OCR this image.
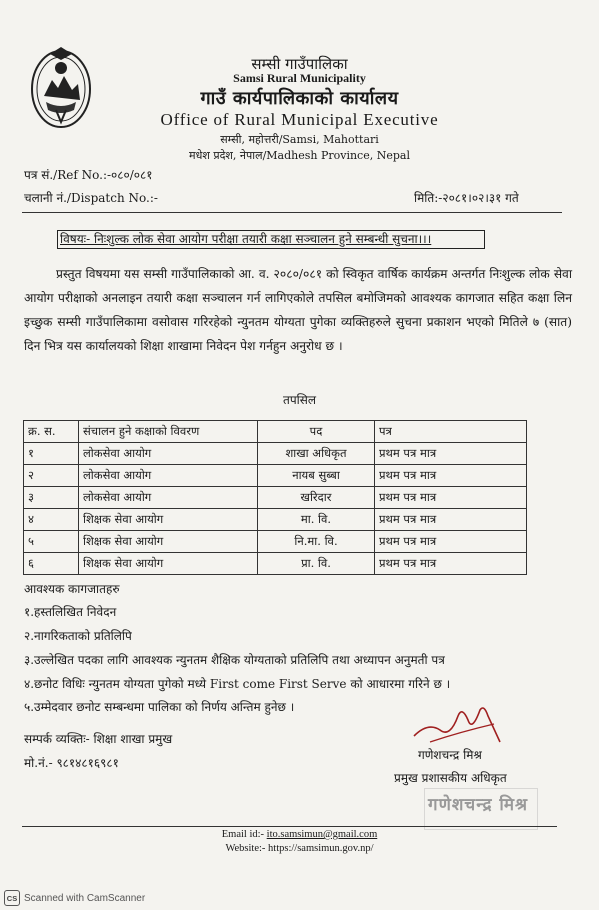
सम्सी गाउँपालिका
Samsi Rural Municipality
गाउँ कार्यपालिकाको कार्यालय
Office of Rural Municipal Executive
सम्सी, महोत्तरी/Samsi, Mahottari
मधेश प्रदेश, नेपाल/Madhesh Province, Nepal
पत्र सं./Ref No.:-०८०/०८१
चलानी नं./Dispatch No.:-	मिति:-२०८१।०२।३१ गते
विषयः- निःशुल्क लोक सेवा आयोग परीक्षा तयारी कक्षा सञ्चालन हुने सम्बन्धी सुचना।।।
प्रस्तुत विषयमा यस सम्सी गाउँपालिकाको आ. व. २०८०/०८१ को स्विकृत वार्षिक कार्यक्रम अन्तर्गत निःशुल्क लोक सेवा आयोग परीक्षाको अनलाइन तयारी कक्षा सञ्चालन गर्न लागिएकोले तपसिल बमोजिमको आवश्यक कागजात सहित कक्षा लिन इच्छुक सम्सी गाउँपालिकामा वसोवास गरिरहेको न्युनतम योग्यता पुगेका व्यक्तिहरुले सुचना प्रकाशन भएको मितिले ७ (सात) दिन भित्र यस कार्यालयको शिक्षा शाखामा निवेदन पेश गर्नहुन अनुरोध छ ।
तपसिल
क्र. स.	संचालन हुने कक्षाको विवरण	पद	पत्र
१	लोकसेवा आयोग	शाखा अधिकृत	प्रथम पत्र मात्र
२	लोकसेवा आयोग	नायब सुब्बा	प्रथम पत्र मात्र
३	लोकसेवा आयोग	खरिदार	प्रथम पत्र मात्र
४	शिक्षक सेवा आयोग	मा. वि.	प्रथम पत्र मात्र
५	शिक्षक सेवा आयोग	नि.मा. वि.	प्रथम पत्र मात्र
६	शिक्षक सेवा आयोग	प्रा. वि.	प्रथम पत्र मात्र
आवश्यक कागजातहरु
१.हस्तलिखित निवेदन
२.नागरिकताको प्रतिलिपि
३.उल्लेखित पदका लागि आवश्यक न्युनतम शैक्षिक योग्यताको प्रतिलिपि तथा अध्यापन अनुमती पत्र
४.छनोट विधिः न्युनतम योग्यता पुगेको मध्ये First come First Serve को आधारमा गरिने छ ।
५.उम्मेदवार छनोट सम्बन्धमा पालिका को निर्णय अन्तिम हुनेछ ।
सम्पर्क व्यक्तिः- शिक्षा शाखा प्रमुख
मो.नं.- ९८१४८१६९८१
गणेशचन्द्र मिश्र
प्रमुख प्रशासकीय अधिकृत
गणेशचन्द्र मिश्र
Email id:- ito.samsimun@gmail.com
Website:- https://samsimun.gov.np/
CS Scanned with CamScanner
